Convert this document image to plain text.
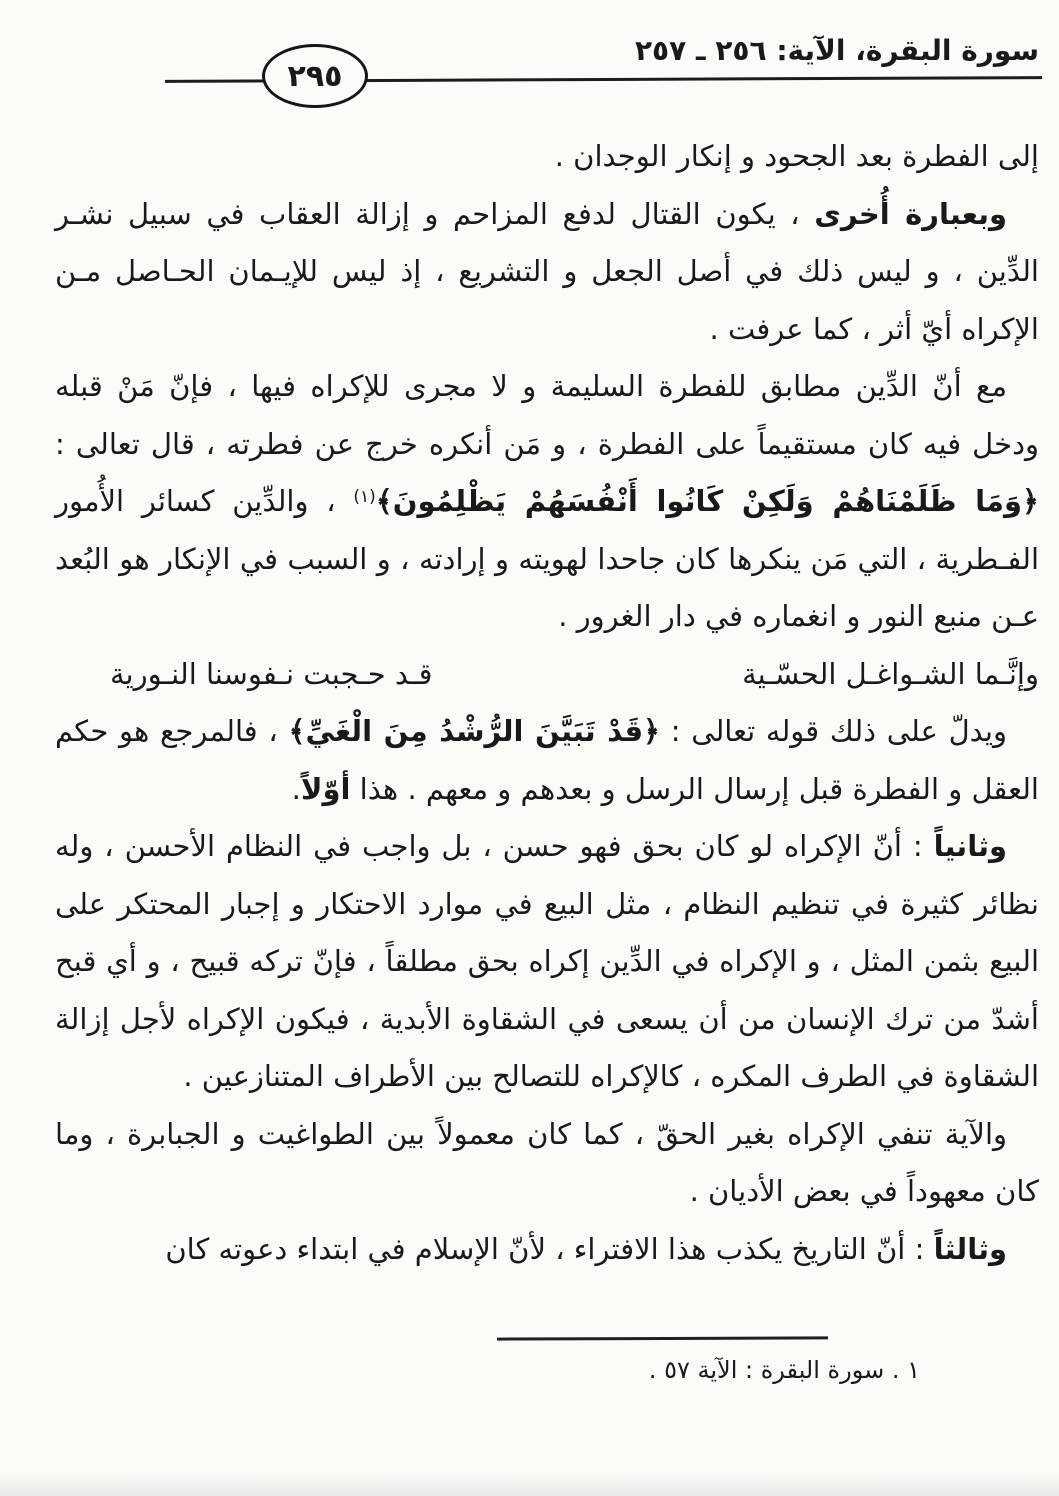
سورة البقرة، الآية: ٢٥٦ ـ ٢٥٧
٢٩٥

إلى الفطرة بعد الجحود و إنكار الوجدان .

وبعبارة أُخرى ، يكون القتال لدفع المزاحم و إزالة العقاب في سبيل نشـر الدِّين ، و ليس ذلك في أصل الجعل و التشريع ، إذ ليس للإيـمان الحـاصل مـن الإكراه أيّ أثر ، كما عرفت .

مع أنّ الدِّين مطابق للفطرة السليمة و لا مجرى للإكراه فيها ، فإنّ مَنْ قبله ودخل فيه كان مستقيماً على الفطرة ، و مَن أنكره خرج عن فطرته ، قال تعالى : ﴿وَمَا ظَلَمْنَاهُمْ وَلَكِنْ كَانُوا أَنْفُسَهُمْ يَظْلِمُونَ﴾$^{(١)}$ ، والدِّين كسائر الأُمور الفـطرية ، التي مَن ينكرها كان جاحدا لهويته و إرادته ، و السبب في الإنكار هو البُعد عـن منبع النور و انغماره في دار الغرور .

وإنَّـما الشـواغـل الحسّـية
قـد حـجبت نـفوسنا النـورية

ويدلّ على ذلك قوله تعالى : ﴿قَدْ تَبَيَّنَ الرُّشْدُ مِنَ الْغَيِّ﴾ ، فالمرجع هو حكم العقل و الفطرة قبل إرسال الرسل و بعدهم و معهم . هذا أوّلاً.

وثانياً : أنّ الإكراه لو كان بحق فهو حسن ، بل واجب في النظام الأحسن ، وله نظائر كثيرة في تنظيم النظام ، مثل البيع في موارد الاحتكار و إجبار المحتكر على البيع بثمن المثل ، و الإكراه في الدِّين إكراه بحق مطلقاً ، فإنّ تركه قبيح ، و أي قبح أشدّ من ترك الإنسان من أن يسعى في الشقاوة الأبدية ، فيكون الإكراه لأجل إزالة الشقاوة في الطرف المكره ، كالإكراه للتصالح بين الأطراف المتنازعين .

والآية تنفي الإكراه بغير الحقّ ، كما كان معمولاً بين الطواغيت و الجبابرة ، وما كان معهوداً في بعض الأديان .

وثالثاً : أنّ التاريخ يكذب هذا الافتراء ، لأنّ الإسلام في ابتداء دعوته كان

١ . سورة البقرة : الآية ٥٧ .
